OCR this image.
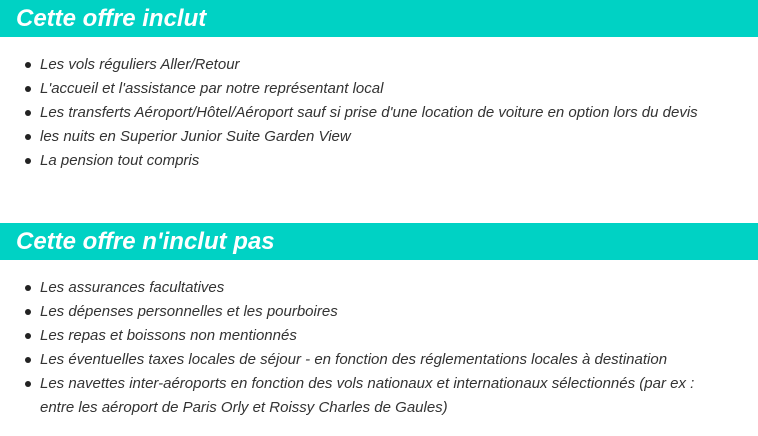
Cette offre inclut
Les vols réguliers Aller/Retour
L'accueil et l'assistance par notre représentant local
Les transferts Aéroport/Hôtel/Aéroport sauf si prise d'une location de voiture en option lors du devis
les nuits en Superior Junior Suite Garden View
La pension tout compris
Cette offre n'inclut pas
Les assurances facultatives
Les dépenses personnelles et les pourboires
Les repas et boissons non mentionnés
Les éventuelles taxes locales de séjour - en fonction des réglementations locales à destination
Les navettes inter-aéroports en fonction des vols nationaux et internationaux sélectionnés (par ex : entre les aéroport de Paris Orly et Roissy Charles de Gaules)
